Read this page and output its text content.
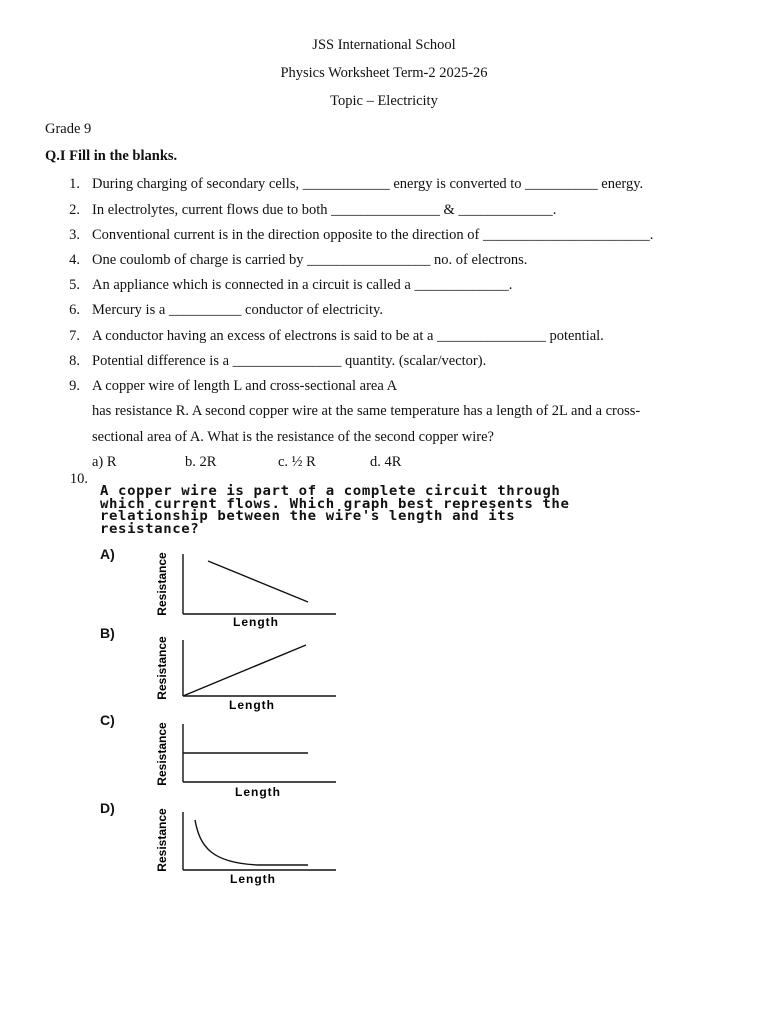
JSS International School
Physics Worksheet Term-2 2025-26
Topic – Electricity
Grade 9
Q.I Fill in the blanks.
1. During charging of secondary cells, ____________ energy is converted to __________ energy.
2. In electrolytes, current flows due to both _______________ & _____________.
3. Conventional current is in the direction opposite to the direction of _______________________.
4. One coulomb of charge is carried by _________________ no. of electrons.
5. An appliance which is connected in a circuit is called a _____________.
6. Mercury is a __________ conductor of electricity.
7. A conductor having an excess of electrons is said to be at a _______________ potential.
8. Potential difference is a _______________ quantity. (scalar/vector).
9. A copper wire of length L and cross-sectional area A
has resistance R. A second copper wire at the same temperature has a length of 2L and a cross-
sectional area of A. What is the resistance of the second copper wire?
a) R	b. 2R	c. ½ R	d. 4R
10.
A copper wire is part of a complete circuit through
which current flows. Which graph best represents the
relationship between the wire's length and its
resistance?
A)	Resistance
Length
B)
Resistance
Length
C)
Resistance
Length
D)
Resistance
Length
